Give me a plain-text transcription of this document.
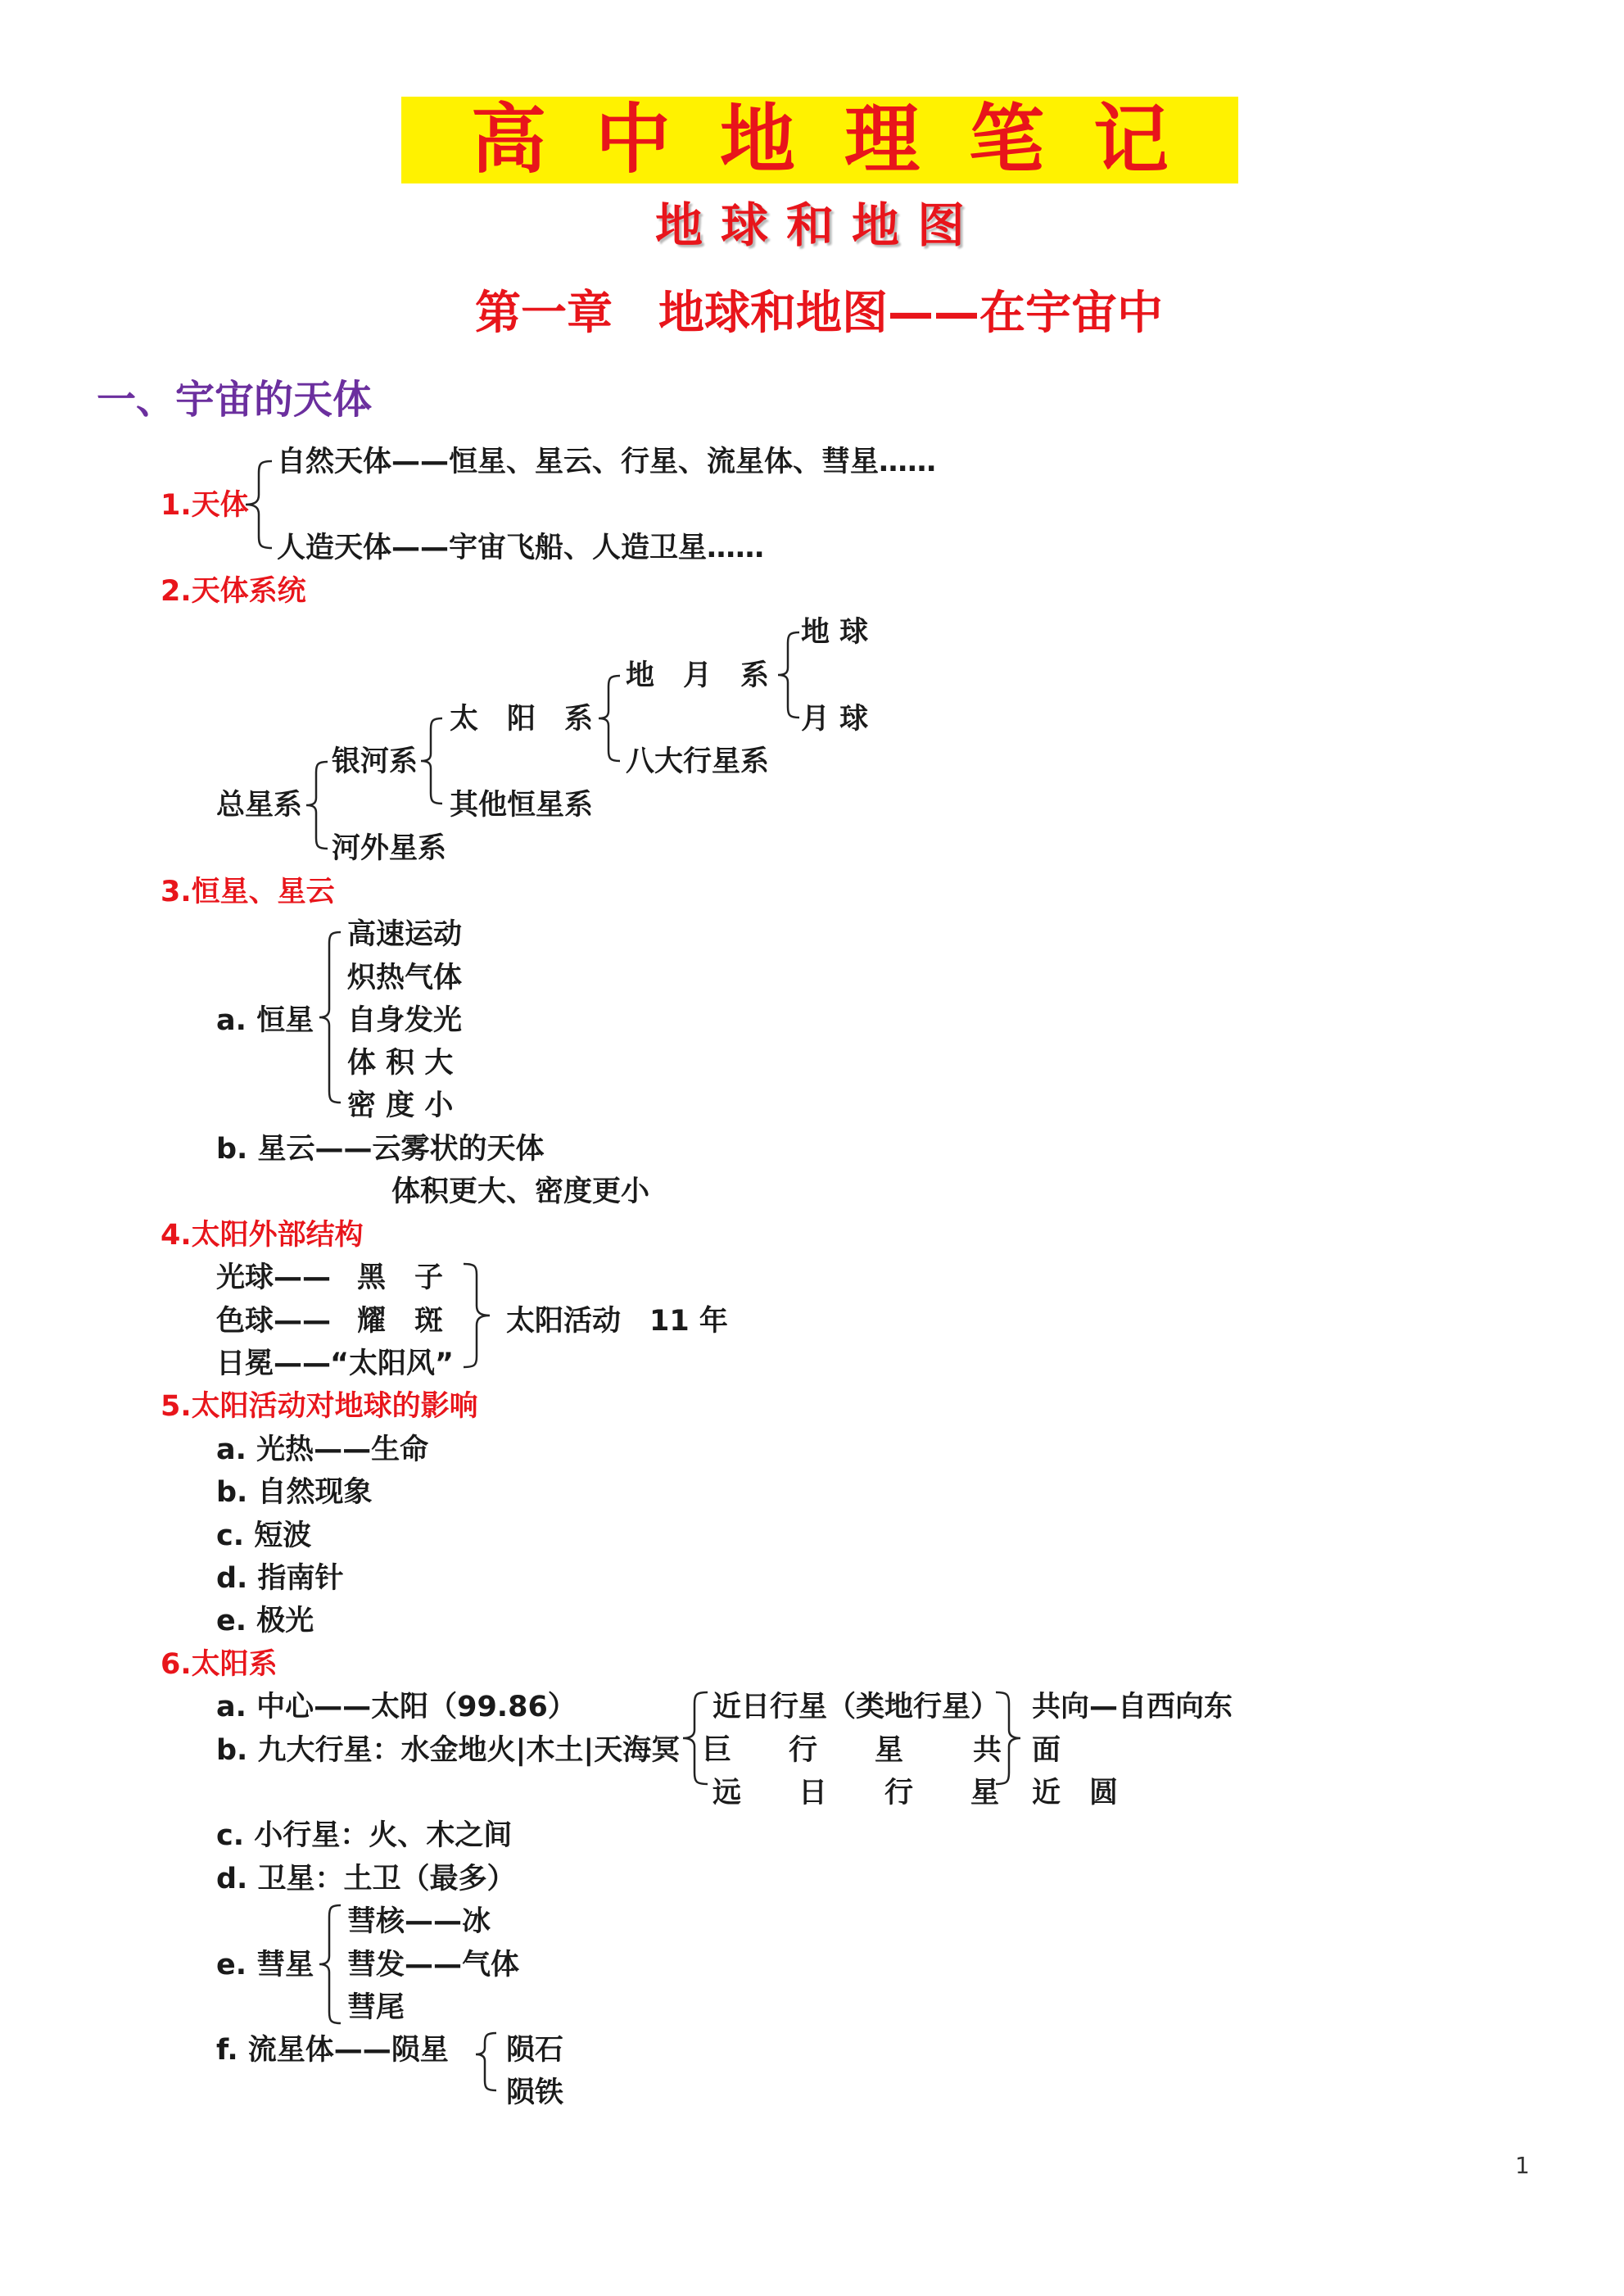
高中地理笔记
地球和地图
第一章　地球和地图——在宇宙中
一、宇宙的天体
1.天体
自然天体——恒星、星云、行星、流星体、彗星……
人造天体——宇宙飞船、人造卫星……
2.天体系统
总星系
银河系
河外星系
太　阳　系
其他恒星系
地　月　系
八大行星系
地 球
月 球
3.恒星、星云
a. 恒星
高速运动
炽热气体
自身发光
体 积 大
密 度 小
b. 星云——云雾状的天体
体积更大、密度更小
4.太阳外部结构
光球—— 黑　子
色球—— 耀　斑
日冕——
“太阳风”
太阳活动　11 年
5.太阳活动对地球的影响
a. 光热——生命
b. 自然现象
c. 短波
d. 指南针
e. 极光
6.太阳系
a. 中心——太阳（99.86）
b. 九大行星：水金地火|木土|天海冥
近日行星（类地行星）
巨　　行　　星 共
远　　日　　行　　星
共向—自西向东
面
近　圆
c. 小行星：火、木之间
d. 卫星：土卫（最多）
e. 彗星
彗核——冰
彗发——气体
彗尾
f. 流星体——陨星 陨石
陨铁
1
